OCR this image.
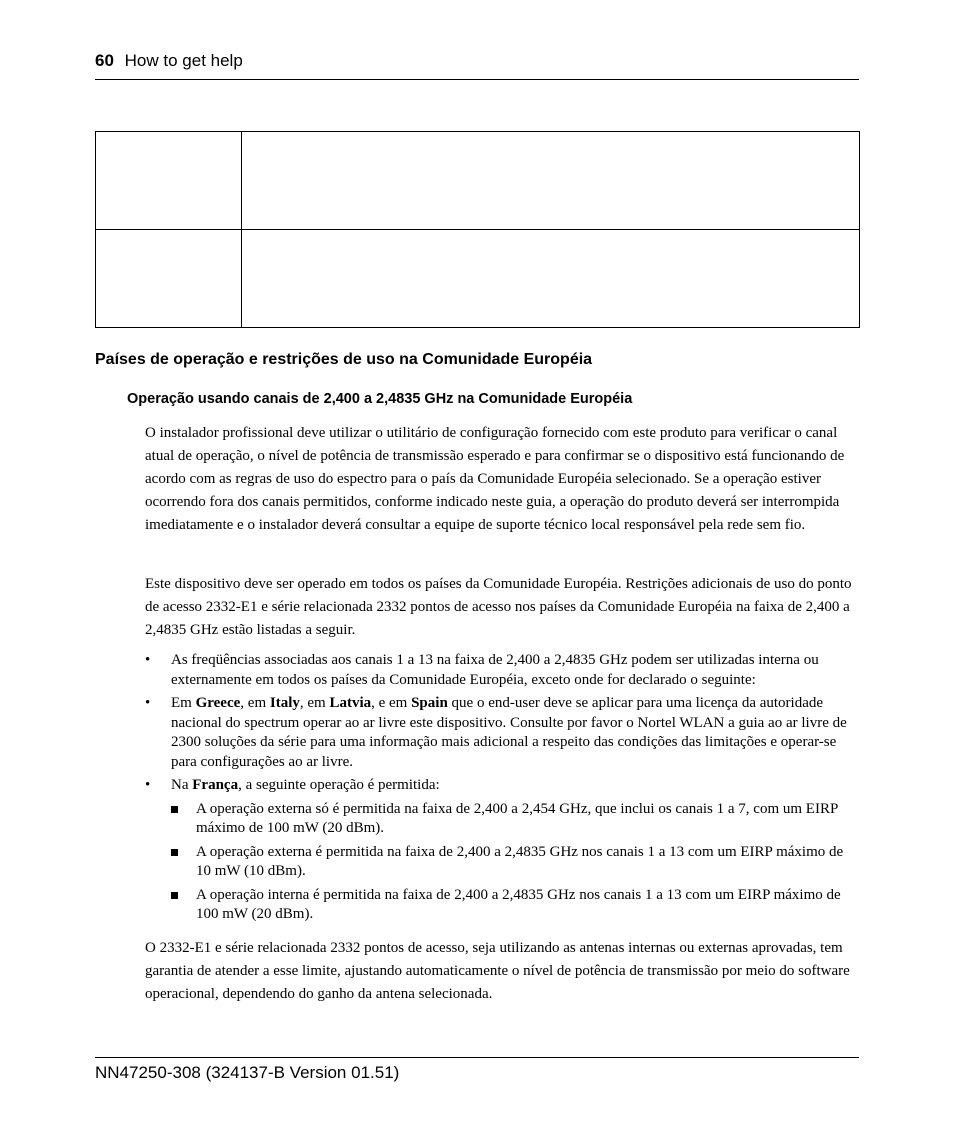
60 How to get help

Países de operação e restrições de uso na Comunidade Européia
Operação usando canais de 2,400 a 2,4835 GHz na Comunidade Européia
O instalador profissional deve utilizar o utilitário de configuração fornecido com este produto para verificar o canal atual de operação, o nível de potência de transmissão esperado e para confirmar se o dispositivo está funcionando de acordo com as regras de uso do espectro para o país da Comunidade Européia selecionado. Se a operação estiver ocorrendo fora dos canais permitidos, conforme indicado neste guia, a operação do produto deverá ser interrompida imediatamente e o instalador deverá consultar a equipe de suporte técnico local responsável pela rede sem fio.
Este dispositivo deve ser operado em todos os países da Comunidade Européia. Restrições adicionais de uso do ponto de acesso 2332-E1 e série relacionada 2332 pontos de acesso nos países da Comunidade Européia na faixa de 2,400 a 2,4835 GHz estão listadas a seguir.
• As freqüências associadas aos canais 1 a 13 na faixa de 2,400 a 2,4835 GHz podem ser utilizadas interna ou externamente em todos os países da Comunidade Européia, exceto onde for declarado o seguinte:
• Em Greece, em Italy, em Latvia, e em Spain que o end-user deve se aplicar para uma licença da autoridade nacional do spectrum operar ao ar livre este dispositivo. Consulte por favor o Nortel WLAN a guia ao ar livre de 2300 soluções da série para uma informação mais adicional a respeito das condições das limitações e operar-se para configurações ao ar livre.
• Na França, a seguinte operação é permitida:
A operação externa só é permitida na faixa de 2,400 a 2,454 GHz, que inclui os canais 1 a 7, com um EIRP máximo de 100 mW (20 dBm).
A operação externa é permitida na faixa de 2,400 a 2,4835 GHz nos canais 1 a 13 com um EIRP máximo de 10 mW (10 dBm).
A operação interna é permitida na faixa de 2,400 a 2,4835 GHz nos canais 1 a 13 com um EIRP máximo de 100 mW (20 dBm).
O 2332-E1 e série relacionada 2332 pontos de acesso, seja utilizando as antenas internas ou externas aprovadas, tem garantia de atender a esse limite, ajustando automaticamente o nível de potência de transmissão por meio do software operacional, dependendo do ganho da antena selecionada.
NN47250-308 (324137-B Version 01.51)
